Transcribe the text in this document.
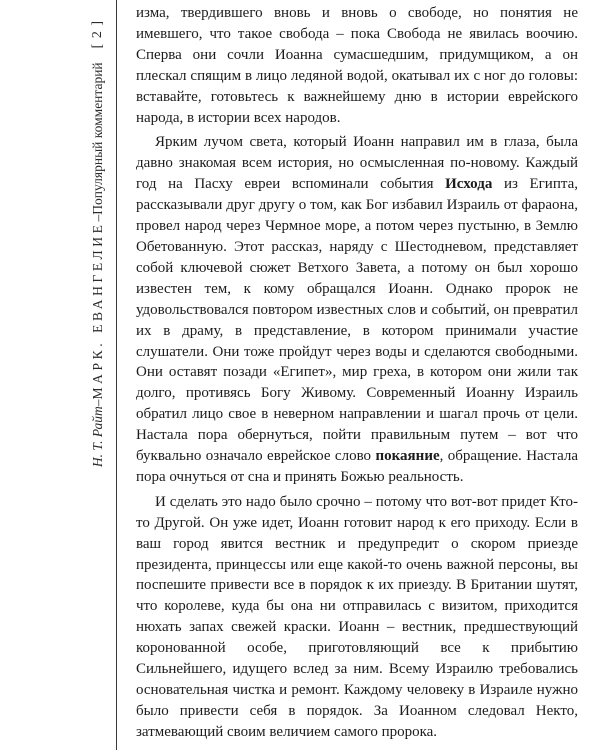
Н. Т. Райт
–
МАРК. ЕВАНГЕЛИЕ
–
Популярный комментарий
[ 2 ]

изма, твердившего вновь и вновь о свободе, но понятия не имевшего, что такое свобода – пока Свобода не явилась воочию. Сперва они сочли Иоанна сумасшедшим, придумщиком, а он плескал спящим в лицо ледяной водой, окатывал их с ног до головы: вставайте, готовьтесь к важнейшему дню в истории еврейского народа, в истории всех народов.

Ярким лучом света, который Иоанн направил им в глаза, была давно знакомая всем история, но осмысленная по-новому. Каждый год на Пасху евреи вспоминали события Исхода из Египта, рассказывали друг другу о том, как Бог избавил Израиль от фараона, провел народ через Чермное море, а потом через пустыню, в Землю Обетованную. Этот рассказ, наряду с Шестодневом, представляет собой ключевой сюжет Ветхого Завета, а потому он был хорошо известен тем, к кому обращался Иоанн. Однако пророк не удовольствовался повтором известных слов и событий, он превратил их в драму, в представление, в котором принимали участие слушатели. Они тоже пройдут через воды и сделаются свободными. Они оставят позади «Египет», мир греха, в котором они жили так долго, противясь Богу Живому. Современный Иоанну Израиль обратил лицо свое в неверном направлении и шагал прочь от цели. Настала пора обернуться, пойти правильным путем – вот что буквально означало еврейское слово покаяние, обращение. Настала пора очнуться от сна и принять Божью реальность.

И сделать это надо было срочно – потому что вот-вот придет Кто-то Другой. Он уже идет, Иоанн готовит народ к его приходу. Если в ваш город явится вестник и предупредит о скором приезде президента, принцессы или еще какой-то очень важной персоны, вы поспешите привести все в порядок к их приезду. В Британии шутят, что королеве, куда бы она ни отправилась с визитом, приходится нюхать запах свежей краски. Иоанн – вестник, предшествующий коронованной особе, приготовляющий все к прибытию Сильнейшего, идущего вслед за ним. Всему Израилю требовались основательная чистка и ремонт. Каждому человеку в Израиле нужно было привести себя в порядок. За Иоанном следовал Некто, затмевающий своим величием самого пророка.
